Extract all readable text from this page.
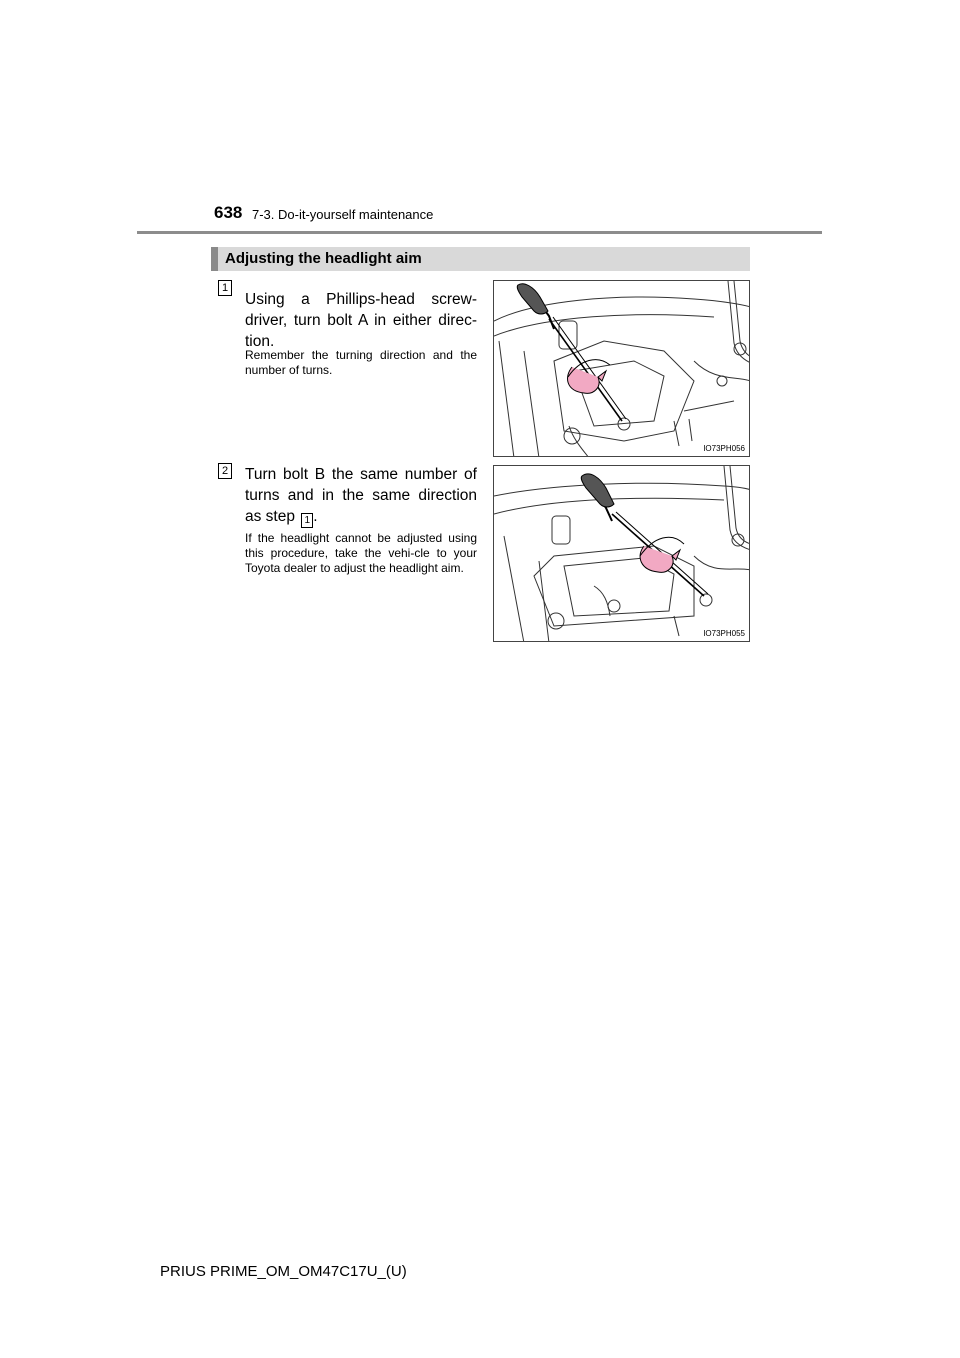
638 7-3. Do-it-yourself maintenance
Adjusting the headlight aim
1
Using a Phillips-head screw-driver, turn bolt A in either direc-tion.
Remember the turning direction and the number of turns.
IO73PH056
2 Turn bolt B the same number of turns and in the same direction as step 1 .
If the headlight cannot be adjusted using this procedure, take the vehi-cle to your Toyota dealer to adjust the headlight aim.
IO73PH055
PRIUS PRIME_OM_OM47C17U_(U)
